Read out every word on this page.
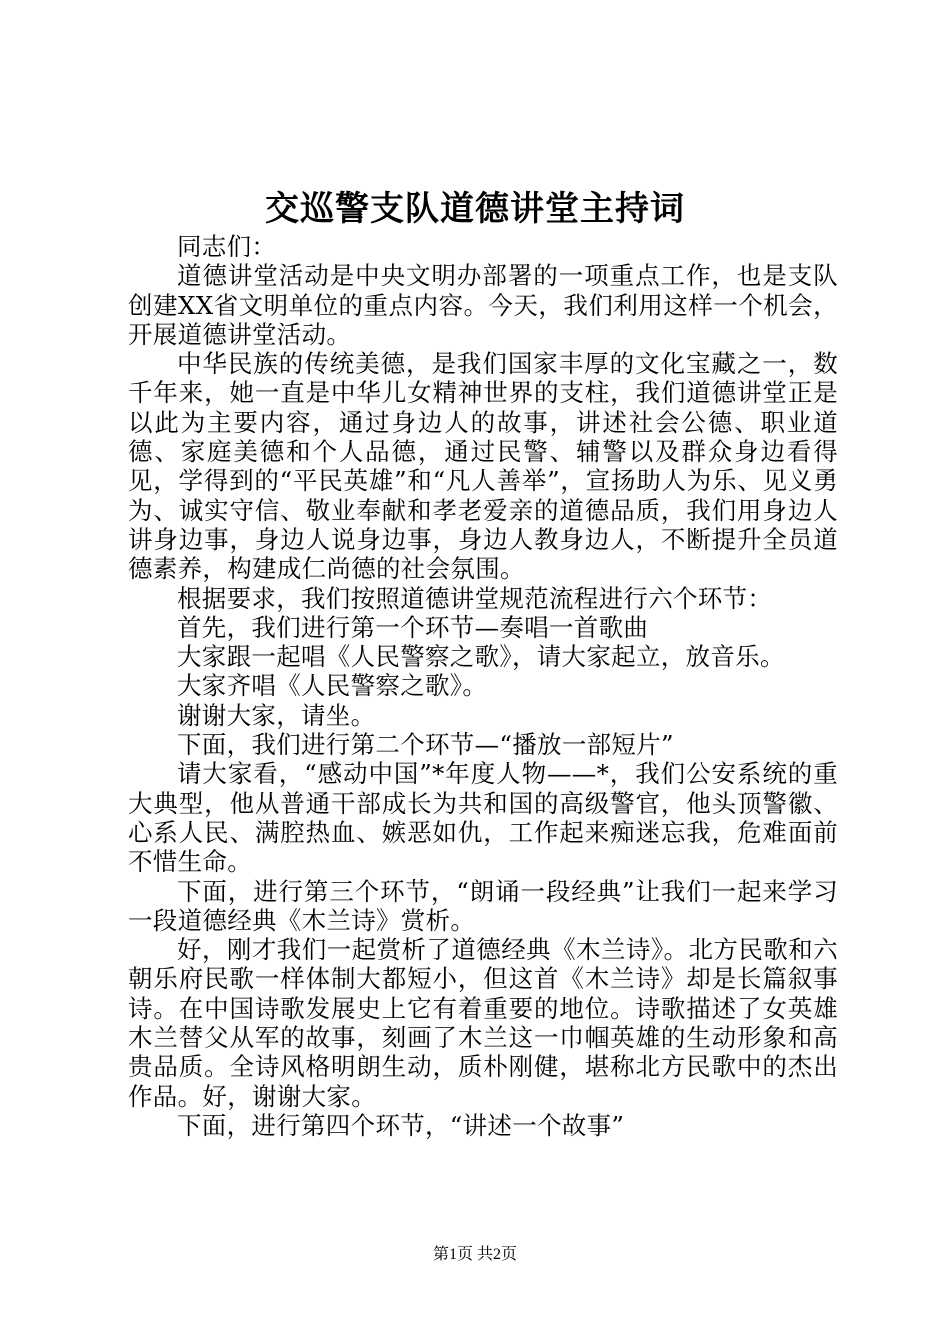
交巡警支队道德讲堂主持词

同志们：

道德讲堂活动是中央文明办部署的一项重点工作，也是支队创建XX省文明单位的重点内容。今天，我们利用这样一个机会，开展道德讲堂活动。

中华民族的传统美德，是我们国家丰厚的文化宝藏之一，数千年来，她一直是中华儿女精神世界的支柱，我们道德讲堂正是以此为主要内容，通过身边人的故事，讲述社会公德、职业道德、家庭美德和个人品德，通过民警、辅警以及群众身边看得见，学得到的“平民英雄”和“凡人善举”，宣扬助人为乐、见义勇为、诚实守信、敬业奉献和孝老爱亲的道德品质，我们用身边人讲身边事，身边人说身边事，身边人教身边人，不断提升全员道德素养，构建成仁尚德的社会氛围。

根据要求，我们按照道德讲堂规范流程进行六个环节：

首先，我们进行第一个环节—奏唱一首歌曲

大家跟一起唱《人民警察之歌》，请大家起立，放音乐。

大家齐唱《人民警察之歌》。

谢谢大家，请坐。

下面，我们进行第二个环节—“播放一部短片”

请大家看，“感动中国”*年度人物——*，我们公安系统的重大典型，他从普通干部成长为共和国的高级警官，他头顶警徽、心系人民、满腔热血、嫉恶如仇，工作起来痴迷忘我，危难面前不惜生命。

下面，进行第三个环节，“朗诵一段经典”让我们一起来学习一段道德经典《木兰诗》赏析。

好，刚才我们一起赏析了道德经典《木兰诗》。北方民歌和六朝乐府民歌一样体制大都短小，但这首《木兰诗》却是长篇叙事诗。在中国诗歌发展史上它有着重要的地位。诗歌描述了女英雄木兰替父从军的故事，刻画了木兰这一巾帼英雄的生动形象和高贵品质。全诗风格明朗生动，质朴刚健，堪称北方民歌中的杰出作品。好，谢谢大家。

下面，进行第四个环节，“讲述一个故事”

第1页 共2页
